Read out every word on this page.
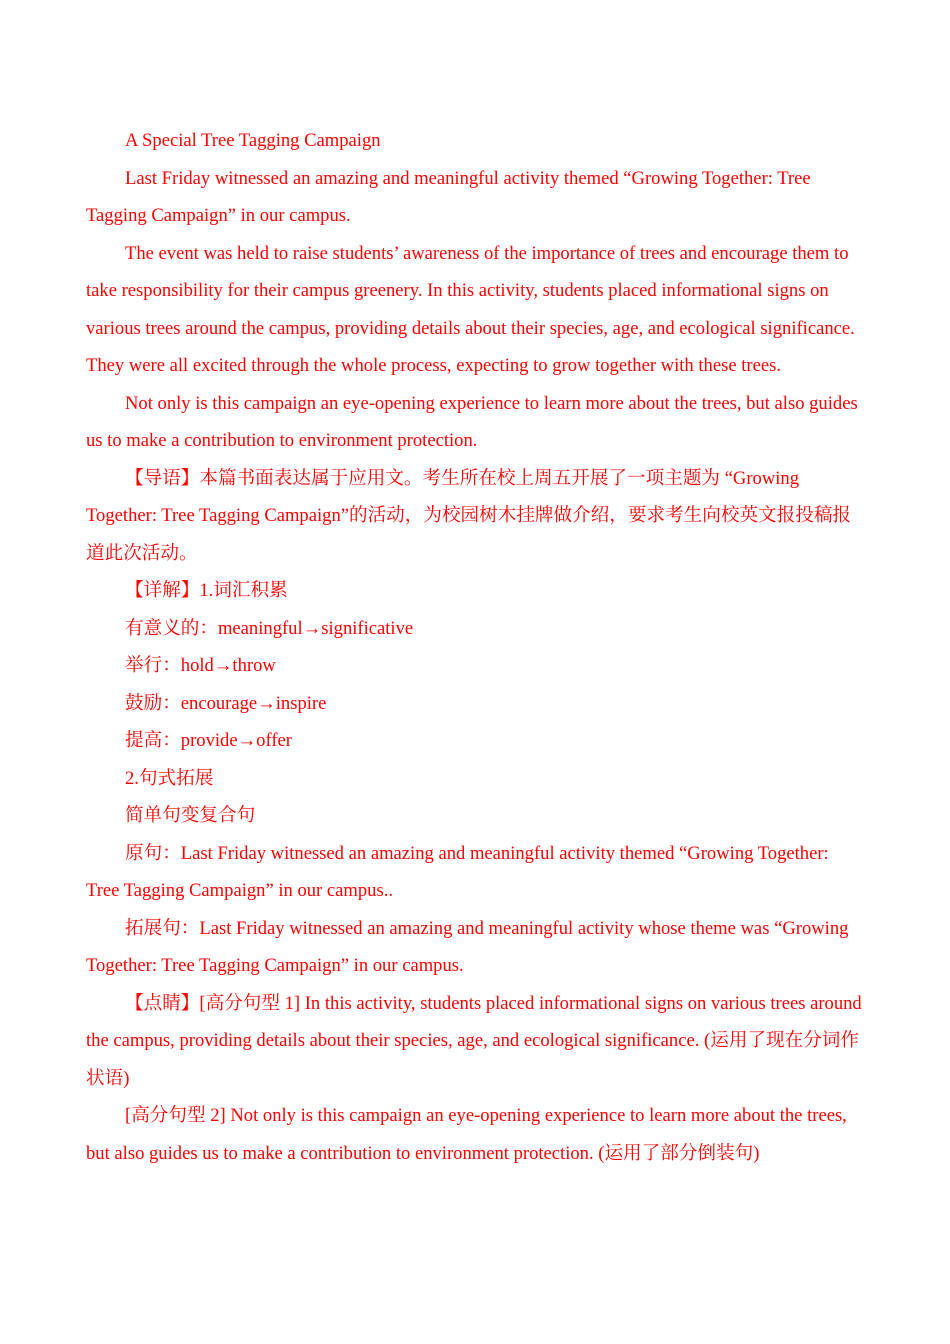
A Special Tree Tagging Campaign

Last Friday witnessed an amazing and meaningful activity themed “Growing Together: Tree Tagging Campaign” in our campus.

The event was held to raise students’ awareness of the importance of trees and encourage them to take responsibility for their campus greenery. In this activity, students placed informational signs on various trees around the campus, providing details about their species, age, and ecological significance. They were all excited through the whole process, expecting to grow together with these trees.

Not only is this campaign an eye-opening experience to learn more about the trees, but also guides us to make a contribution to environment protection.

【导语】本篇书面表达属于应用文。考生所在校上周五开展了一项主题为 “Growing Together: Tree Tagging Campaign”的活动，为校园树木挂牌做介绍，要求考生向校英文报投稿报道此次活动。

【详解】1.词汇积累

有意义的：meaningful→significative

举行：hold→throw

鼓励：encourage→inspire

提高：provide→offer

2.句式拓展

简单句变复合句

原句：Last Friday witnessed an amazing and meaningful activity themed “Growing Together: Tree Tagging Campaign” in our campus..

拓展句：Last Friday witnessed an amazing and meaningful activity whose theme was “Growing Together: Tree Tagging Campaign” in our campus.

【点睛】[高分句型 1] In this activity, students placed informational signs on various trees around the campus, providing details about their species, age, and ecological significance. (运用了现在分词作状语)

[高分句型 2] Not only is this campaign an eye-opening experience to learn more about the trees, but also guides us to make a contribution to environment protection. (运用了部分倒装句)
